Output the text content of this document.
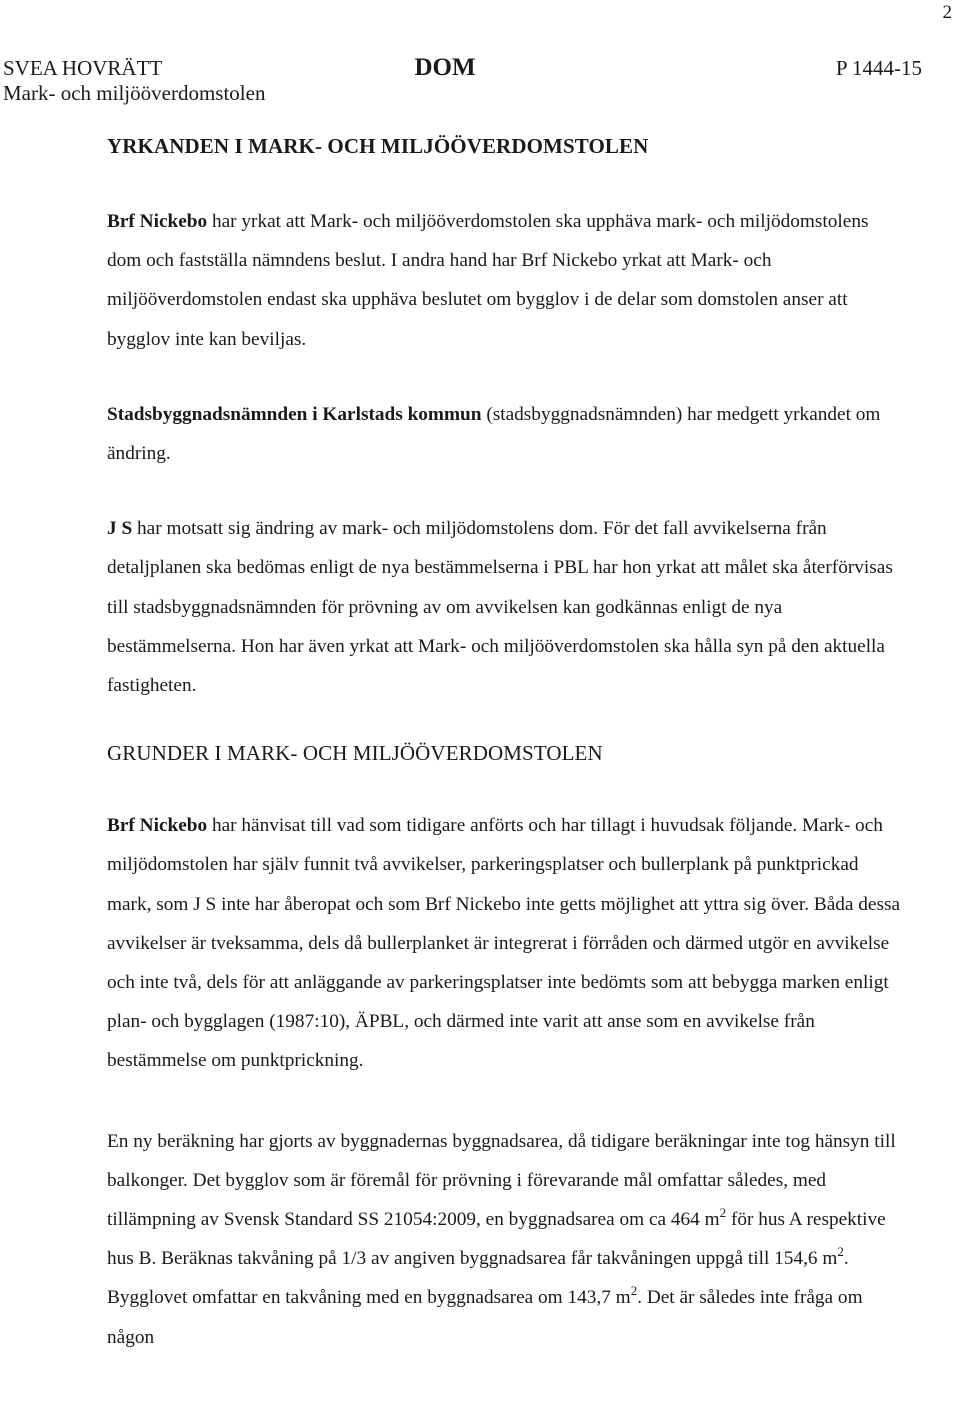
2
SVEA HOVRÄTT
Mark- och miljööverdomstolen
DOM	P 1444-15
YRKANDEN I MARK- OCH MILJÖÖVERDOMSTOLEN

Brf Nickebo har yrkat att Mark- och miljööverdomstolen ska upphäva mark- och miljödomstolens dom och fastställa nämndens beslut. I andra hand har Brf Nickebo yrkat att Mark- och miljööverdomstolen endast ska upphäva beslutet om bygglov i de delar som domstolen anser att bygglov inte kan beviljas.

Stadsbyggnadsnämnden i Karlstads kommun (stadsbyggnadsnämnden) har medgett yrkandet om ändring.

J S har motsatt sig ändring av mark- och miljödomstolens dom. För det fall avvikelserna från detaljplanen ska bedömas enligt de nya bestämmelserna i PBL har hon yrkat att målet ska återförvisas till stadsbyggnadsnämnden för prövning av om avvikelsen kan godkännas enligt de nya bestämmelserna. Hon har även yrkat att Mark- och miljööverdomstolen ska hålla syn på den aktuella fastigheten.

GRUNDER I MARK- OCH MILJÖÖVERDOMSTOLEN

Brf Nickebo har hänvisat till vad som tidigare anförts och har tillagt i huvudsak följande. Mark- och miljödomstolen har själv funnit två avvikelser, parkeringsplatser och bullerplank på punktprickad mark, som J S inte har åberopat och som Brf Nickebo inte getts möjlighet att yttra sig över. Båda dessa avvikelser är tveksamma, dels då bullerplanket är integrerat i förråden och därmed utgör en avvikelse och inte två, dels för att anläggande av parkeringsplatser inte bedömts som att bebygga marken enligt plan- och bygglagen (1987:10), ÄPBL, och därmed inte varit att anse som en avvikelse från bestämmelse om punktprickning.

En ny beräkning har gjorts av byggnadernas byggnadsarea, då tidigare beräkningar inte tog hänsyn till balkonger. Det bygglov som är föremål för prövning i förevarande mål omfattar således, med tillämpning av Svensk Standard SS 21054:2009, en byggnadsarea om ca 464 $m^2$ för hus A respektive hus B. Beräknas takvåning på 1/3 av angiven byggnadsarea får takvåningen uppgå till 154,6 $m^2$. Bygglovet omfattar en takvåning med en byggnadsarea om 143,7 $m^2$. Det är således inte fråga om någon
